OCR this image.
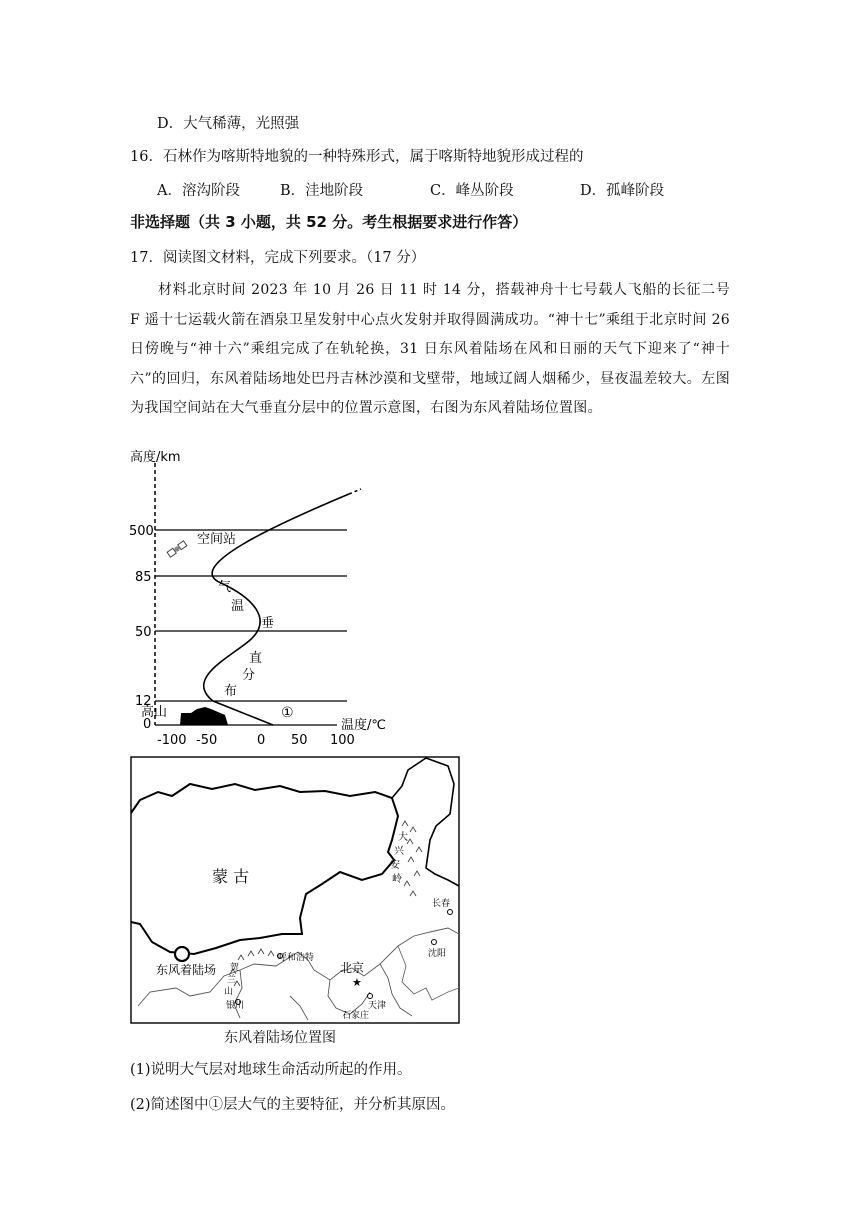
D．大气稀薄，光照强
16．石林作为喀斯特地貌的一种特殊形式，属于喀斯特地貌形成过程的
A．溶沟阶段	B．洼地阶段	C．峰丛阶段	D．孤峰阶段
非选择题（共 3 小题，共 52 分。考生根据要求进行作答）
17．阅读图文材料，完成下列要求。（17 分）
材料北京时间 2023 年 10 月 26 日 11 时 14 分，搭载神舟十七号载人飞船的长征二号 F 遥十七运载火箭在酒泉卫星发射中心点火发射并取得圆满成功。“神十七”乘组于北京时间 26 日傍晚与“神十六”乘组完成了在轨轮换，31 日东风着陆场在风和日丽的天气下迎来了“神十六”的回归，东风着陆场地处巴丹吉林沙漠和戈壁带，地域辽阔人烟稀少，昼夜温差较大。左图为我国空间站在大气垂直分层中的位置示意图，右图为东风着陆场位置图。
高度/km
温度/℃
500
85
50
12
0
-100 -50	0 50 100
气
温
垂
直
分
布
空间站
高山	①
蒙 古
东风着陆场 贺
兰
山
呼和浩特
银川
北京
★
天津
石家庄
长春
沈阳
大
兴
安
岭
东风着陆场位置图
(1)说明大气层对地球生命活动所起的作用。
(2)简述图中①层大气的主要特征，并分析其原因。
